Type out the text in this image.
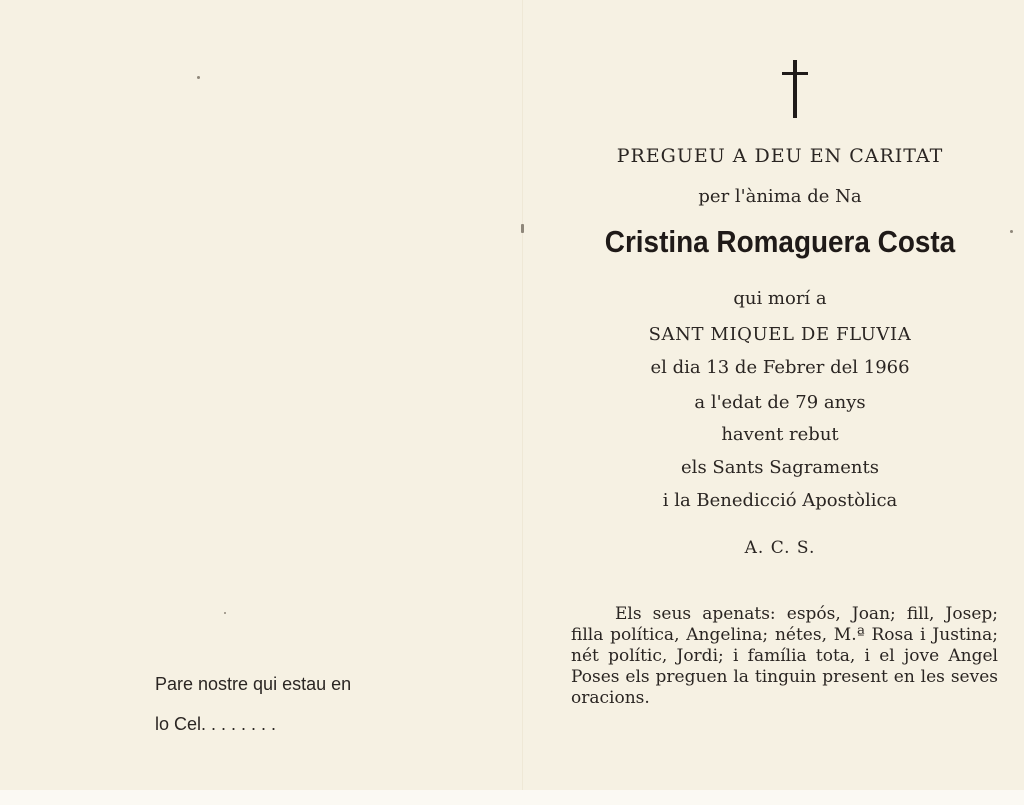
Pare nostre qui estau en
lo Cel. . . . . . . .
PREGUEU A DEU EN CARITAT
per l'ànima de Na
Cristina Romaguera Costa
qui morí a
SANT MIQUEL DE FLUVIA
el dia 13 de Febrer del 1966
a l'edat de 79 anys
havent rebut
els Sants Sagraments
i la Benedicció Apostòlica
A. C. S.
Els seus apenats: espós, Joan; fill, Josep; filla política, Angelina; nétes, M.ª Rosa i Justina; nét polític, Jordi; i família tota, i el jove Angel Poses els preguen la tinguin present en les seves oracions.
